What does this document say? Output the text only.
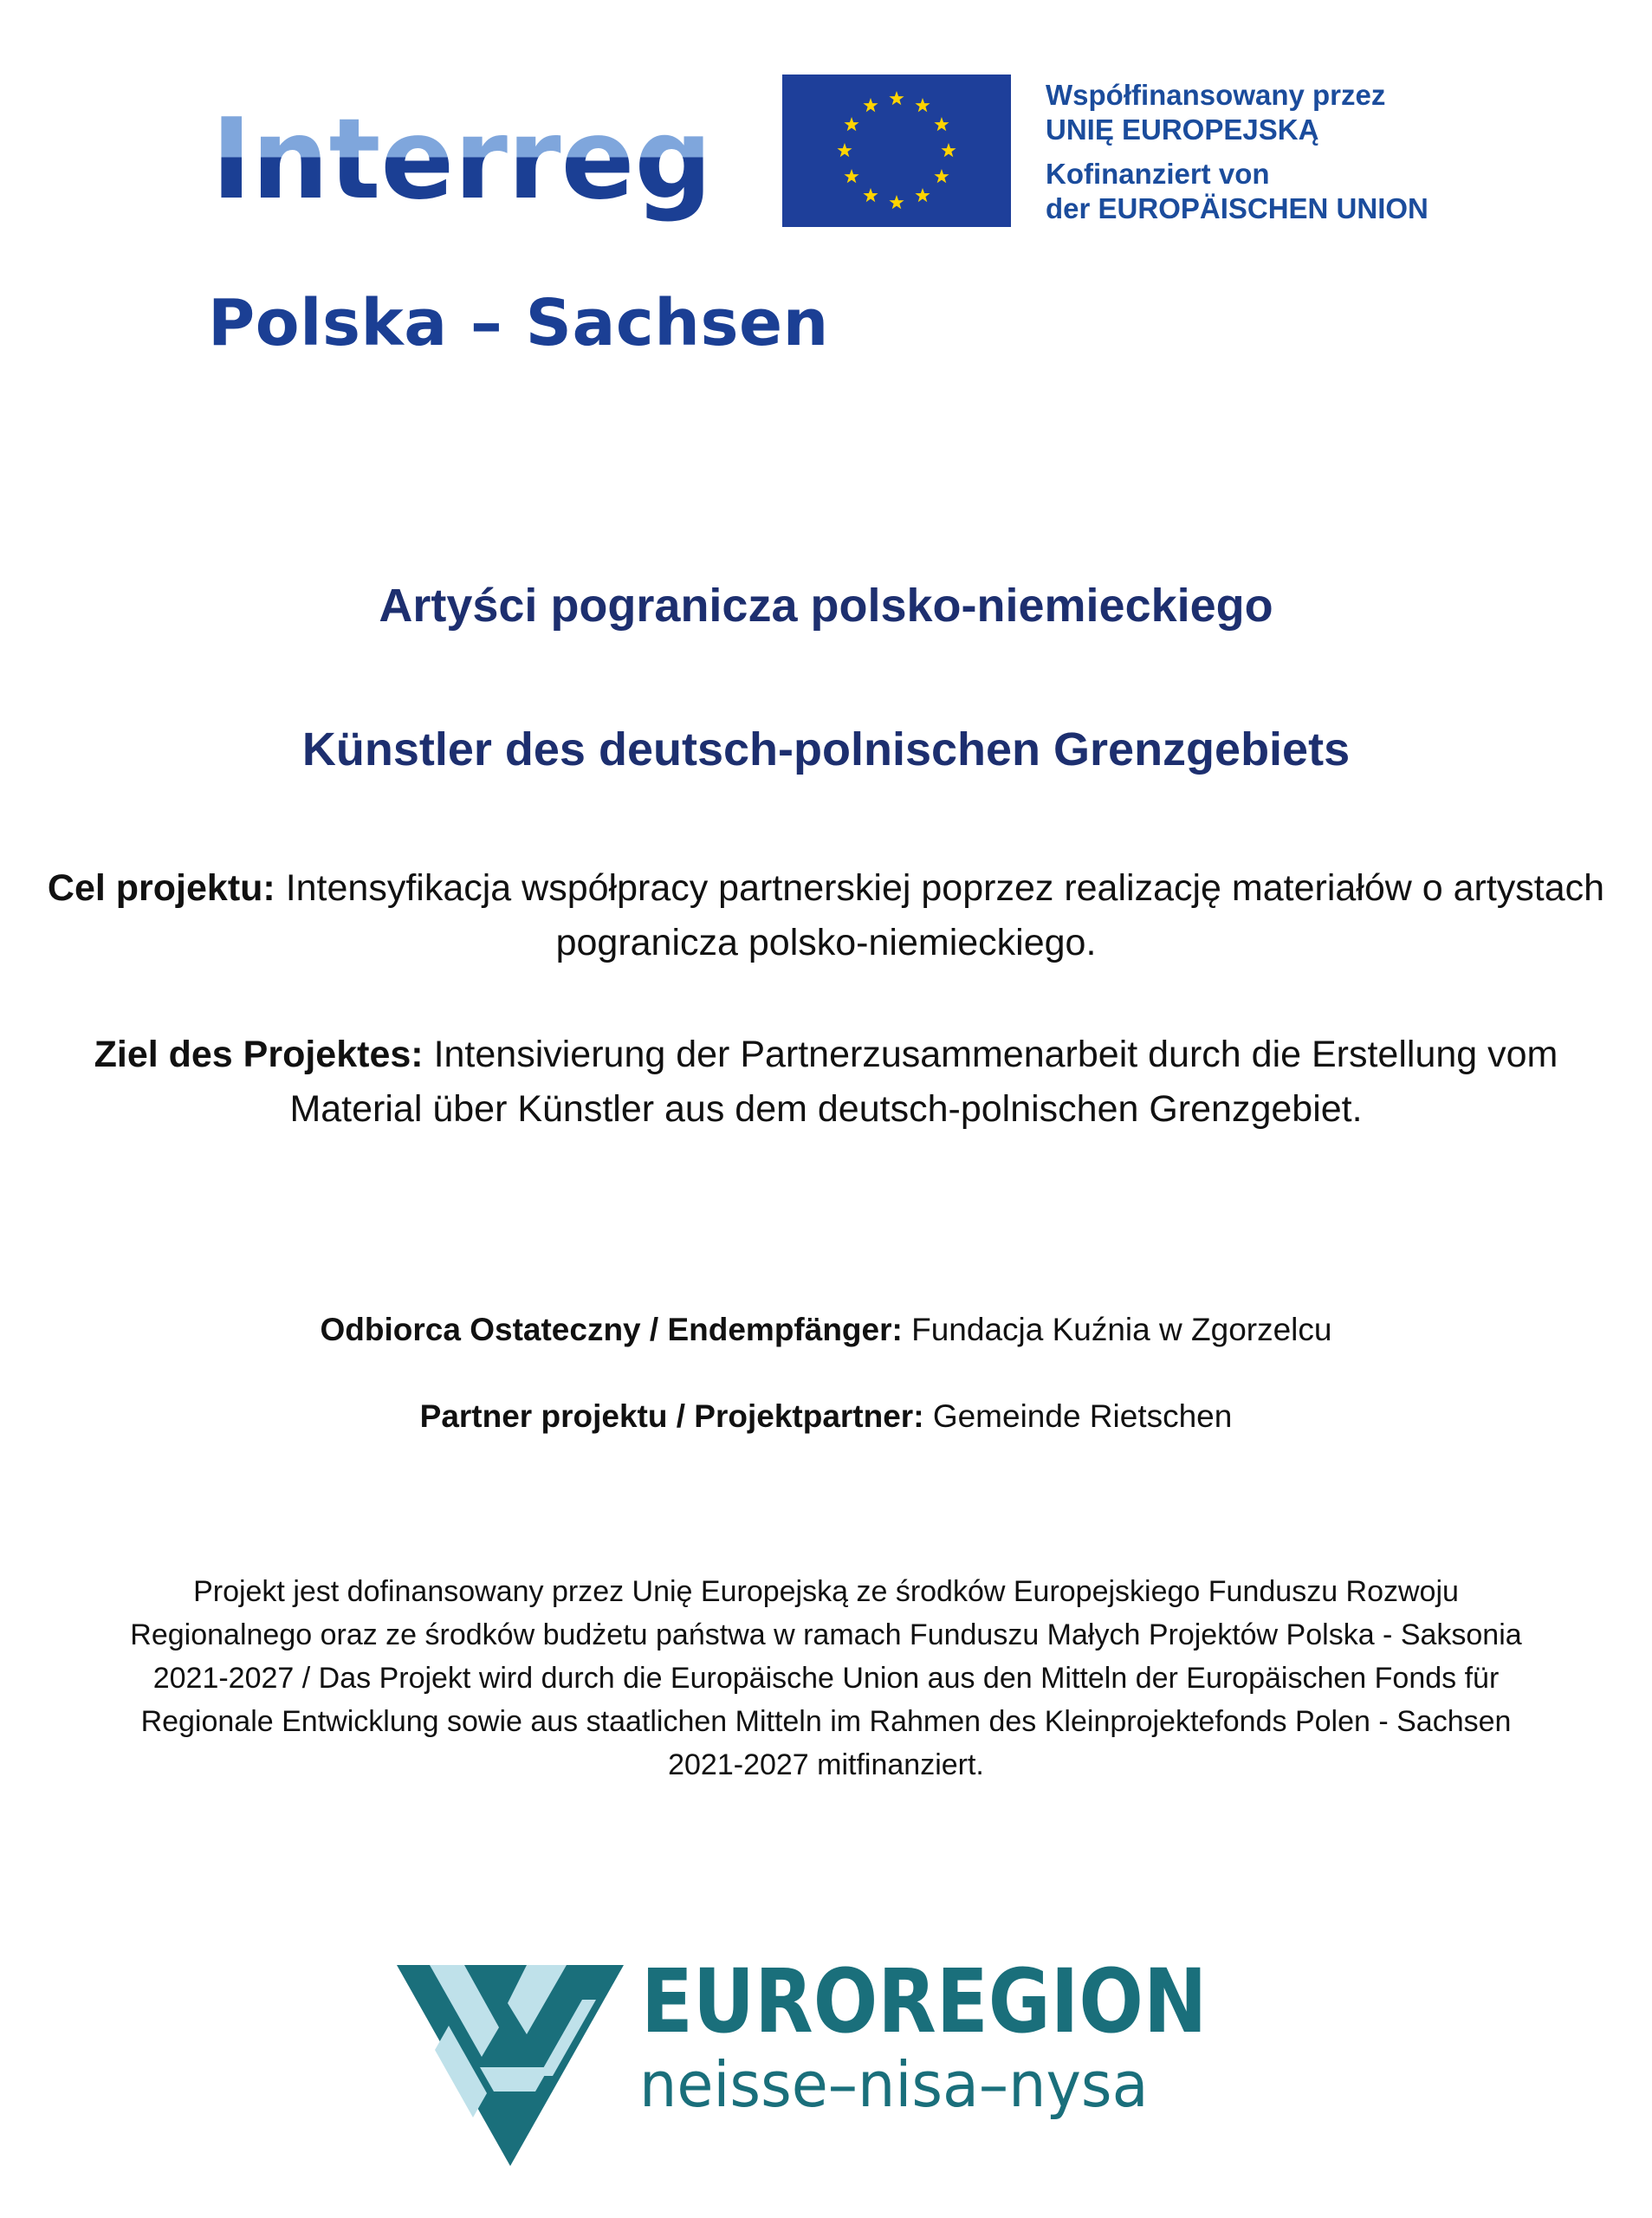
Interreg
Polska – Sachsen
Współfinansowany przez
UNIĘ EUROPEJSKĄ
Kofinanziert von
der EUROPÄISCHEN UNION
Artyści pogranicza polsko-niemieckiego
Künstler des deutsch-polnischen Grenzgebiets
Cel projektu: Intensyfikacja współpracy partnerskiej poprzez realizację materiałów o artystach pogranicza polsko-niemieckiego.
Ziel des Projektes: Intensivierung der Partnerzusammenarbeit durch die Erstellung vom Material über Künstler aus dem deutsch-polnischen Grenzgebiet.
Odbiorca Ostateczny / Endempfänger: Fundacja Kuźnia w Zgorzelcu
Partner projektu / Projektpartner: Gemeinde Rietschen
Projekt jest dofinansowany przez Unię Europejską ze środków Europejskiego Funduszu Rozwoju Regionalnego oraz ze środków budżetu państwa w ramach Funduszu Małych Projektów Polska - Saksonia 2021-2027 / Das Projekt wird durch die Europäische Union aus den Mitteln der Europäischen Fonds für Regionale Entwicklung sowie aus staatlichen Mitteln im Rahmen des Kleinprojektefonds Polen - Sachsen 2021-2027 mitfinanziert.
EUROREGION
neisse–nisa–nysa
